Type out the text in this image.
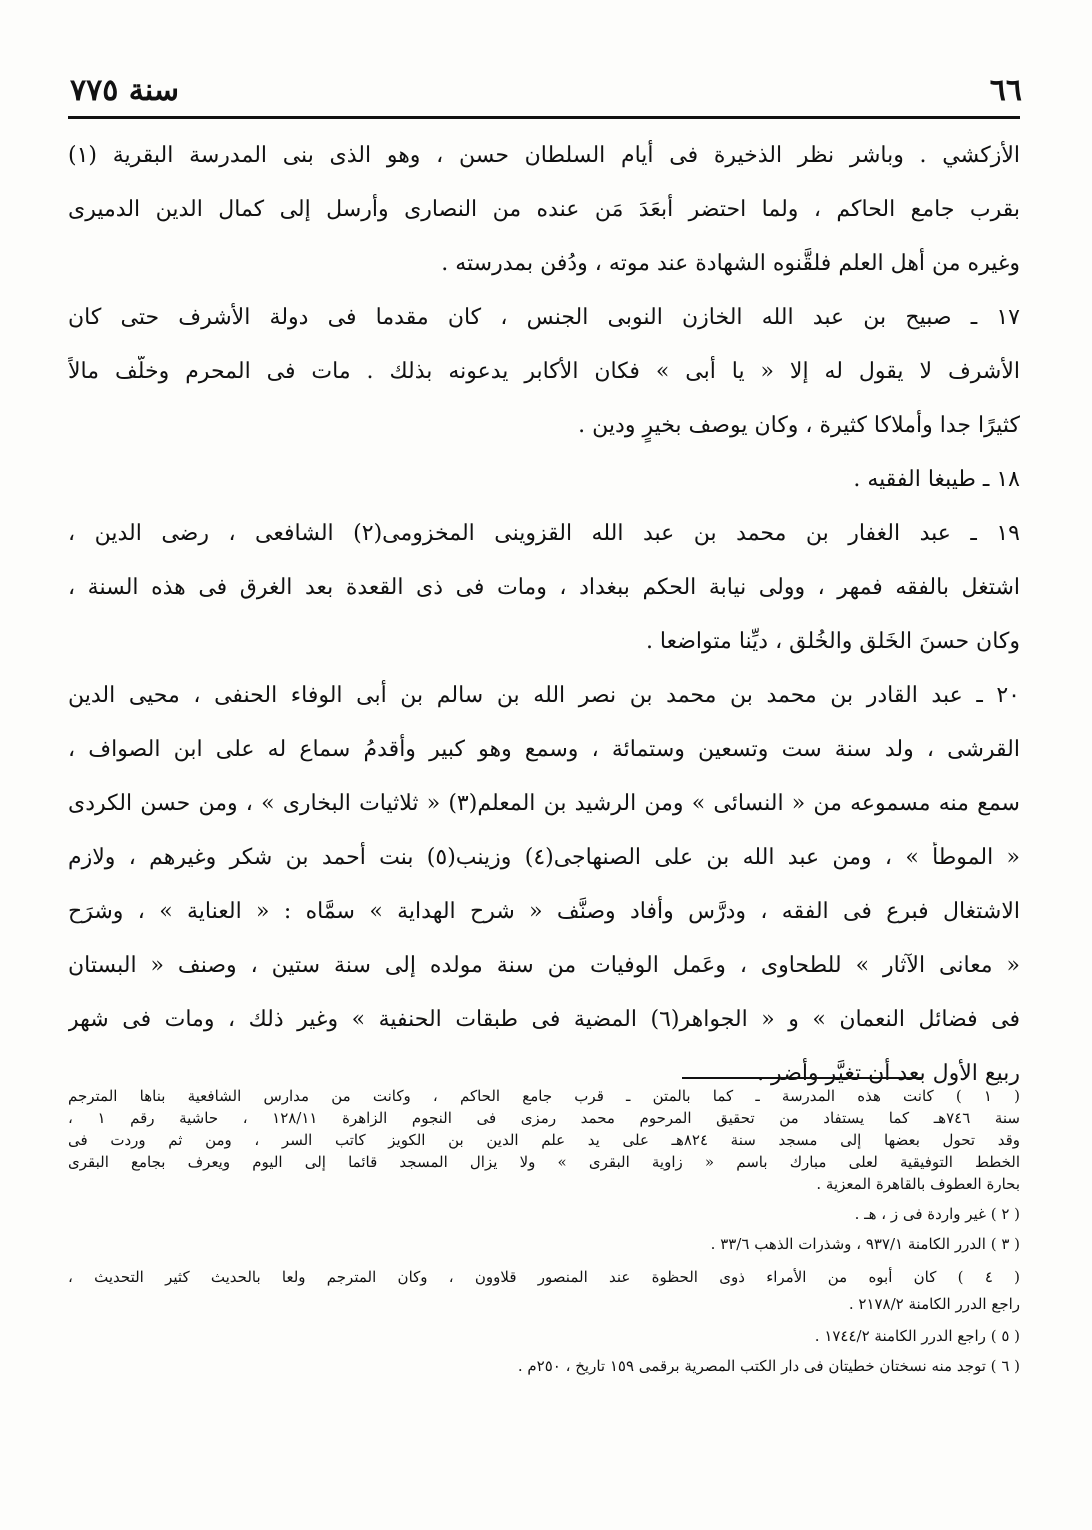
سنة ٧٧٥	٦٦
الأزكشي . وباشر نظر الذخيرة فى أيام السلطان حسن ، وهو الذى بنى المدرسة البقرية (١)
بقرب جامع الحاكم ، ولما احتضر أبعَدَ مَن عنده من النصارى وأرسل إلى كمال الدين الدميرى
وغيره من أهل العلم فلقَّنوه الشهادة عند موته ، ودُفن بمدرسته .
١٧ ـ صبيح بن عبد الله الخازن النوبى الجنس ، كان مقدما فى دولة الأشرف حتى كان
الأشرف لا يقول له إلا « يا أبى » فكان الأكابر يدعونه بذلك . مات فى المحرم وخلّف مالاً
كثيرًا جدا وأملاكا كثيرة ، وكان يوصف بخيرٍ ودين .
١٨ ـ طيبغا الفقيه .
١٩ ـ عبد الغفار بن محمد بن عبد الله القزوينى المخزومى(٢) الشافعى ، رضى الدين ،
اشتغل بالفقه فمهر ، وولى نيابة الحكم ببغداد ، ومات فى ذى القعدة بعد الغرق فى هذه السنة ،
وكان حسنَ الخَلق والخُلق ، ديِّنا متواضعا .
٢٠ ـ عبد القادر بن محمد بن محمد بن نصر الله بن سالم بن أبى الوفاء الحنفى ، محيى الدين
القرشى ، ولد سنة ست وتسعين وستمائة ، وسمع وهو كبير وأقدمُ سماع له على ابن الصواف ،
سمع منه مسموعه من « النسائى » ومن الرشيد بن المعلم(٣) « ثلاثيات البخارى » ، ومن حسن الكردى
« الموطأ » ، ومن عبد الله بن على الصنهاجى(٤) وزينب(٥) بنت أحمد بن شكر وغيرهم ، ولازم
الاشتغال فبرع فى الفقه ، ودرَّس وأفاد وصنَّف « شرح الهداية » سمَّاه : « العناية » ، وشرَح
« معانى الآثار » للطحاوى ، وعَمل الوفيات من سنة مولده إلى سنة ستين ، وصنف « البستان
فى فضائل النعمان » و « الجواهر(٦) المضية فى طبقات الحنفية » وغير ذلك ، ومات فى شهر
ربيع الأول بعد أن تغيَّر وأضر .
( ١ ) كانت هذه المدرسة ـ كما بالمتن ـ قرب جامع الحاكم ، وكانت من مدارس الشافعية بناها المترجم
سنة ٧٤٦هـ كما يستفاد من تحقيق المرحوم محمد رمزى فى النجوم الزاهرة ١٢٨/١١ ، حاشية رقم ١ ،
وقد تحول بعضها إلى مسجد سنة ٨٢٤هـ على يد علم الدين بن الكويز كاتب السر ، ومن ثم وردت فى
الخطط التوفيقية لعلى مبارك باسم « زاوية البقرى » ولا يزال المسجد قائما إلى اليوم ويعرف بجامع البقرى
بحارة العطوف بالقاهرة المعزية .
( ٢ ) غير واردة فى ز ، هـ .
( ٣ ) الدرر الكامنة ٩٣٧/١ ، وشذرات الذهب ٣٣/٦ .
( ٤ ) كان أبوه من الأمراء ذوى الحظوة عند المنصور قلاوون ، وكان المترجم ولعا بالحديث كثير التحديث ،
راجع الدرر الكامنة ٢١٧٨/٢ .
( ٥ ) راجع الدرر الكامنة ١٧٤٤/٢ .
( ٦ ) توجد منه نسختان خطيتان فى دار الكتب المصرية برقمى ١٥٩ تاريخ ، ٢٥٠م .
